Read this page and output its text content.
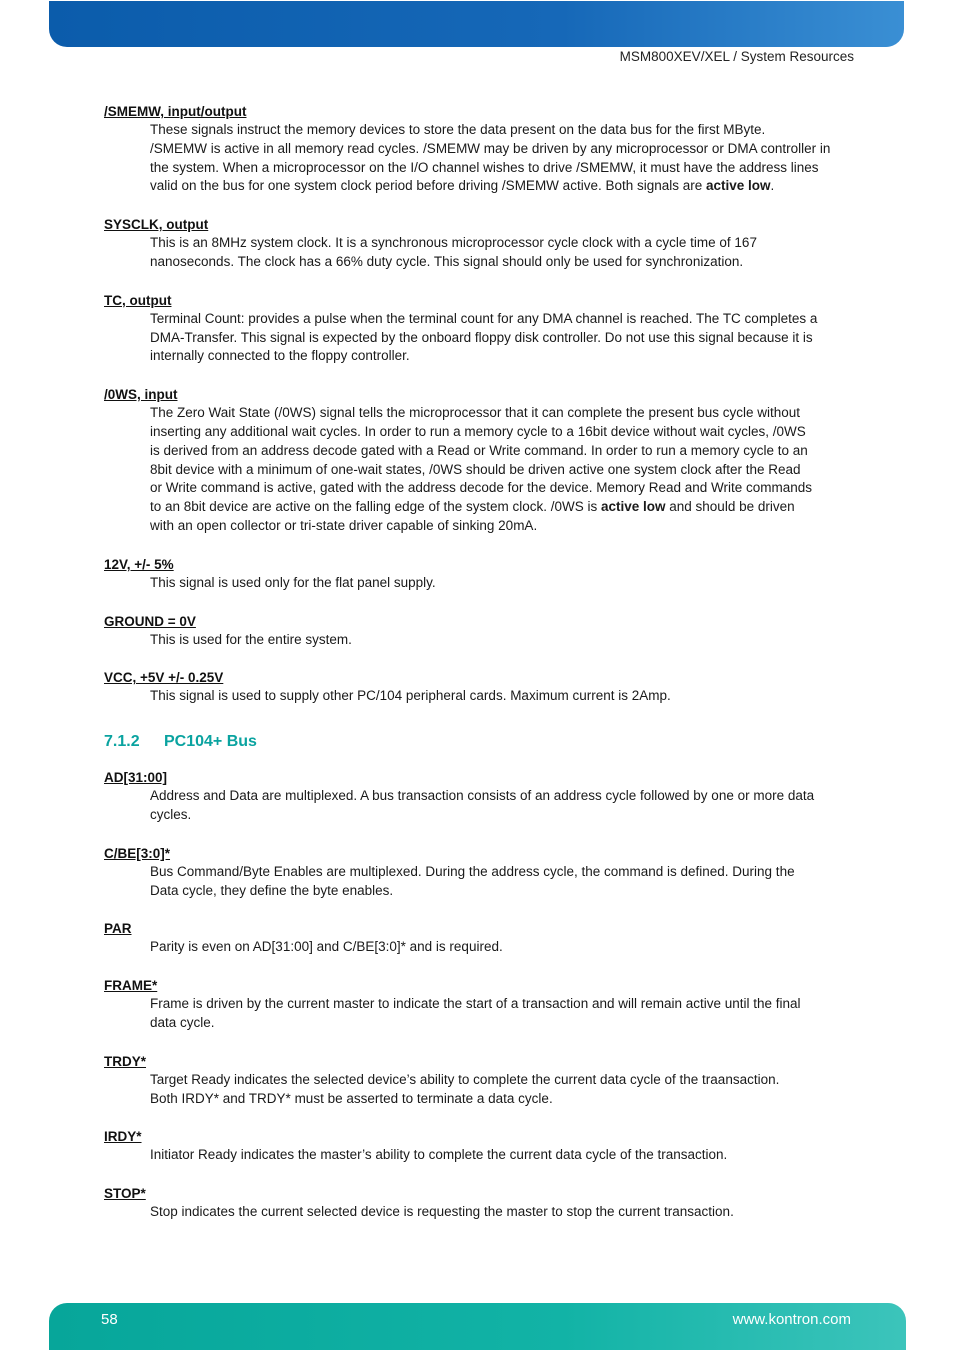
MSM800XEV/XEL / System Resources
/SMEMW, input/output

These signals instruct the memory devices to store the data present on the data bus for the first MByte.
/SMEMW is active in all memory read cycles. /SMEMW may be driven by any microprocessor or DMA controller in
the system. When a microprocessor on the I/O channel wishes to drive /SMEMW, it must have the address lines
valid on the bus for one system clock period before driving /SMEMW active. Both signals are active low.

SYSCLK, output

This is an 8MHz system clock. It is a synchronous microprocessor cycle clock with a cycle time of 167
nanoseconds. The clock has a 66% duty cycle. This signal should only be used for synchronization.

TC, output

Terminal Count: provides a pulse when the terminal count for any DMA channel is reached. The TC completes a
DMA-Transfer. This signal is expected by the onboard floppy disk controller. Do not use this signal because it is
internally connected to the floppy controller.

/0WS, input

The Zero Wait State (/0WS) signal tells the microprocessor that it can complete the present bus cycle without
inserting any additional wait cycles. In order to run a memory cycle to a 16bit device without wait cycles, /0WS
is derived from an address decode gated with a Read or Write command. In order to run a memory cycle to an
8bit device with a minimum of one-wait states, /0WS should be driven active one system clock after the Read
or Write command is active, gated with the address decode for the device. Memory Read and Write commands
to an 8bit device are active on the falling edge of the system clock. /0WS is active low and should be driven
with an open collector or tri-state driver capable of sinking 20mA.

12V, +/- 5%

This signal is used only for the flat panel supply.

GROUND = 0V

This is used for the entire system.

VCC, +5V +/- 0.25V

This signal is used to supply other PC/104 peripheral cards. Maximum current is 2Amp.

7.1.2 PC104+ Bus
AD[31:00]

Address and Data are multiplexed. A bus transaction consists of an address cycle followed by one or more data
cycles.

C/BE[3:0]*

Bus Command/Byte Enables are multiplexed. During the address cycle, the command is defined. During the
Data cycle, they define the byte enables.

PAR

Parity is even on AD[31:00] and C/BE[3:0]* and is required.

FRAME*

Frame is driven by the current master to indicate the start of a transaction and will remain active until the final
data cycle.

TRDY*

Target Ready indicates the selected device’s ability to complete the current data cycle of the traansaction.
Both IRDY* and TRDY* must be asserted to terminate a data cycle.

IRDY*

Initiator Ready indicates the master’s ability to complete the current data cycle of the transaction.

STOP*

Stop indicates the current selected device is requesting the master to stop the current transaction.

58	www.kontron.com
